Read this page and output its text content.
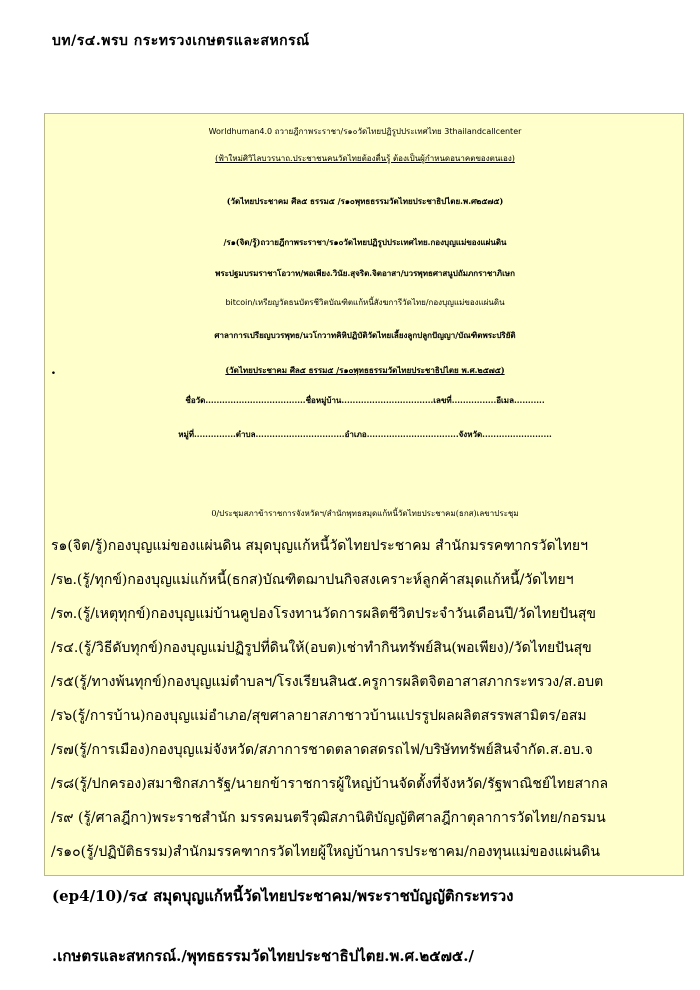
บท/ร๔.พรบ กระทรวงเกษตรและสหกรณ์
Worldhuman4.0 ถวายฎีกาพระราชา/ร๑๐วัดไทยปฏิรูปประเทศไทย 3thailandcallcenter
(ฟ้าใหม่ศิวิไลบวรนาถ.ประชาชนคนวัดไทยต้องตื่นรู้ ต้องเป็นผู้กำหนดอนาคตของตนเอง)
(วัดไทยประชาคม ศีล๕ ธรรม๕ /ร๑๐พุทธธรรมวัดไทยประชาธิปไตย.พ.ศ๒๕๗๕)
/ร๑(จิต/รู้)ถวายฎีกาพระราชา/ร๑๐วัดไทยปฏิรูปประเทศไทย.กองบุญแม่ของแผ่นดิน
พระปฐมบรมราชาโอวาท/พอเพียง.วินัย.สุจริต.จิตอาสา/บวรพุทธศาสนูปถัมภกราชาภิเษก
bitcoin/เหรียญวัดธนบัตรชีวิตบัณฑิตแก้หนี้สังฆการีวัดไทย/กองบุญแม่ของแผ่นดิน
ศาลาการเปรียญบวรพุทธ/นวโกวาทคิหิปฏิบัติวัดไทยเลี้ยงลูกปลูกปัญญา/บัณฑิตพระปริยัติ
.	(วัดไทยประชาคม ศีล๕ ธรรม๕ /ร๑๐พุทธธรรมวัดไทยประชาธิปไตย พ.ศ.๒๕๗๕)
ชื่อวัด....................................ชื่อหมู่บ้าน.................................เลขที่................อีเมล...........
หมู่ที่...............ตำบล................................อำเภอ.................................จังหวัด.........................
0/ประชุมสภาข้าราชการจังหวัดฯ/สำนักพุทธสมุดแก้หนี้วัดไทยประชาคม(ธกส)เลขาประชุม
ร๑(จิต/รู้)กองบุญแม่ของแผ่นดิน สมุดบุญแก้หนี้วัดไทยประชาคม สำนักมรรคฑากรวัดไทยฯ
/ร๒.(รู้/ทุกข์)กองบุญแม่แก้หนี้(ธกส)บัณฑิตฌาปนกิจสงเคราะห์ลูกค้าสมุดแก้หนี้/วัดไทยฯ
/ร๓.(รู้/เหตุทุกข์)กองบุญแม่บ้านคูปองโรงทานวัดการผลิตชีวิตประจำวันเดือนปี/วัดไทยปันสุข
/ร๔.(รู้/วิธีดับทุกข์)กองบุญแม่ปฏิรูปที่ดินให้(อบต)เช่าทำกินทรัพย์สิน(พอเพียง)/วัดไทยปันสุข
/ร๕(รู้/ทางพ้นทุกข์)กองบุญแม่ตำบลฯ/โรงเรียนสิน๕.ครูการผลิตจิตอาสาสภากระทรวง/ส.อบต
/ร๖(รู้/การบ้าน)กองบุญแม่อำเภอ/สุขศาลายาสภาชาวบ้านแปรรูปผลผลิตสรรพสามิตร/อสม
/ร๗(รู้/การเมือง)กองบุญแม่จังหวัด/สภาการชาดตลาดสดรถไฟ/บริษัททรัพย์สินจำกัด.ส.อบ.จ
/ร๘(รู้/ปกครอง)สมาชิกสภารัฐ/นายกข้าราชการผู้ใหญ่บ้านจัดตั้งที่จังหวัด/รัฐพาณิชย์ไทยสากล
/ร๙ (รู้/ศาลฎีกา)พระราชสำนัก มรรคมนตรีวุฒิสภานิติบัญญัติศาลฎีกาตุลาการวัดไทย/กอรมน
/ร๑๐(รู้/ปฏิบัติธรรม)สำนักมรรคฑากรวัดไทยผู้ใหญ่บ้านการประชาคม/กองทุนแม่ของแผ่นดิน
(ep4/10)/ร๔ สมุดบุญแก้หนี้วัดไทยประชาคม/พระราชบัญญัติกระทรวง
.เกษตรและสหกรณ์./พุทธธรรมวัดไทยประชาธิปไตย.พ.ศ.๒๕๗๕./
